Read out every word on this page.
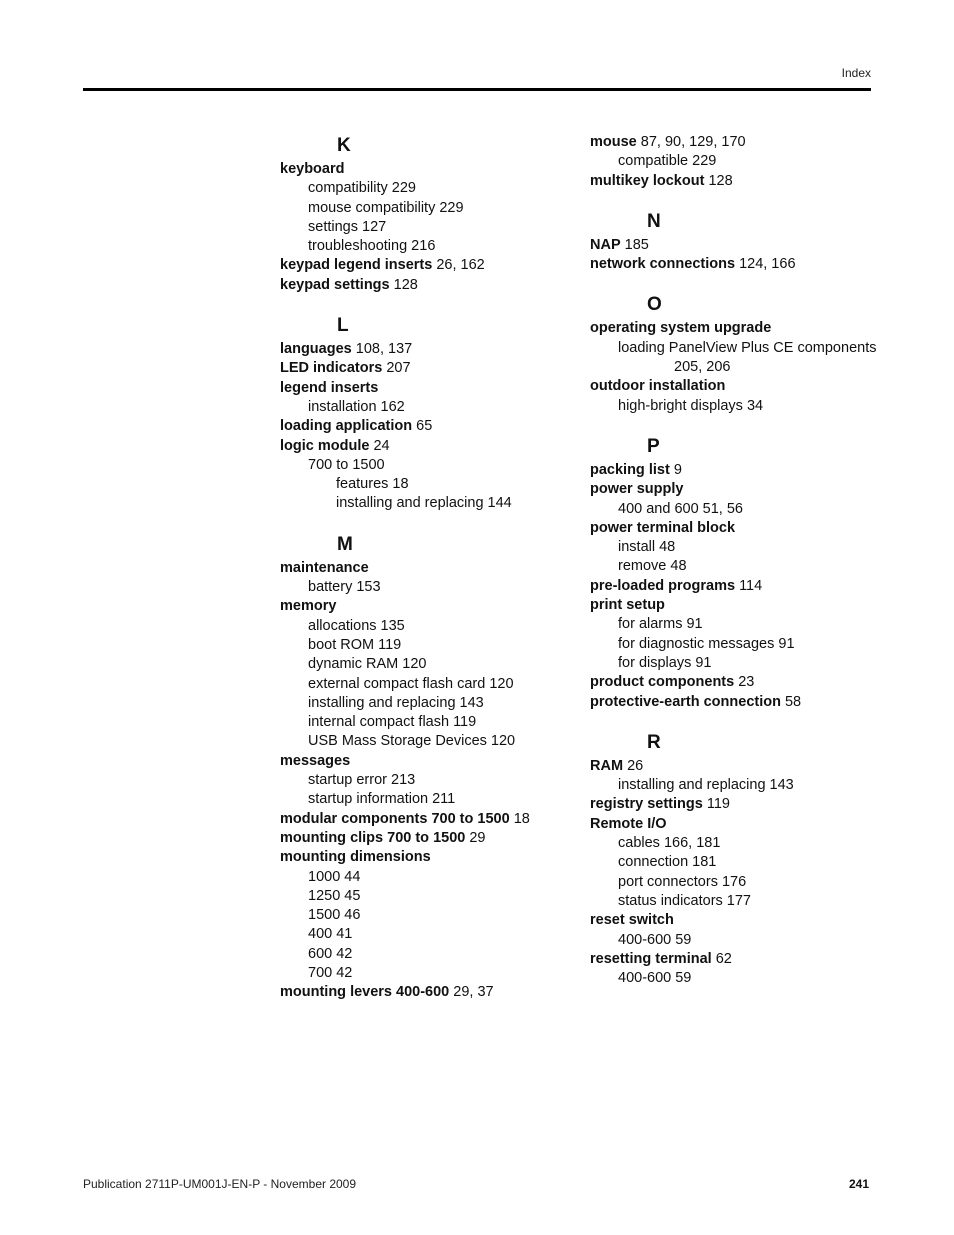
Index
K
keyboard
compatibility 229
mouse compatibility 229
settings 127
troubleshooting 216
keypad legend inserts 26, 162
keypad settings 128
L
languages 108, 137
LED indicators 207
legend inserts
installation 162
loading application 65
logic module 24
700 to 1500
features 18
installing and replacing 144
M
maintenance
battery 153
memory
allocations 135
boot ROM 119
dynamic RAM 120
external compact flash card 120
installing and replacing 143
internal compact flash 119
USB Mass Storage Devices 120
messages
startup error 213
startup information 211
modular components 700 to 1500 18
mounting clips 700 to 1500 29
mounting dimensions
1000 44
1250 45
1500 46
400 41
600 42
700 42
mounting levers 400-600 29, 37
mouse 87, 90, 129, 170
compatible 229
multikey lockout 128
N
NAP 185
network connections 124, 166
O
operating system upgrade
loading PanelView Plus CE components
205, 206
outdoor installation
high-bright displays 34
P
packing list 9
power supply
400 and 600 51, 56
power terminal block
install 48
remove 48
pre-loaded programs 114
print setup
for alarms 91
for diagnostic messages 91
for displays 91
product components 23
protective-earth connection 58
R
RAM 26
installing and replacing 143
registry settings 119
Remote I/O
cables 166, 181
connection 181
port connectors 176
status indicators 177
reset switch
400-600 59
resetting terminal 62
400-600 59
Publication 2711P-UM001J-EN-P - November 2009	241
